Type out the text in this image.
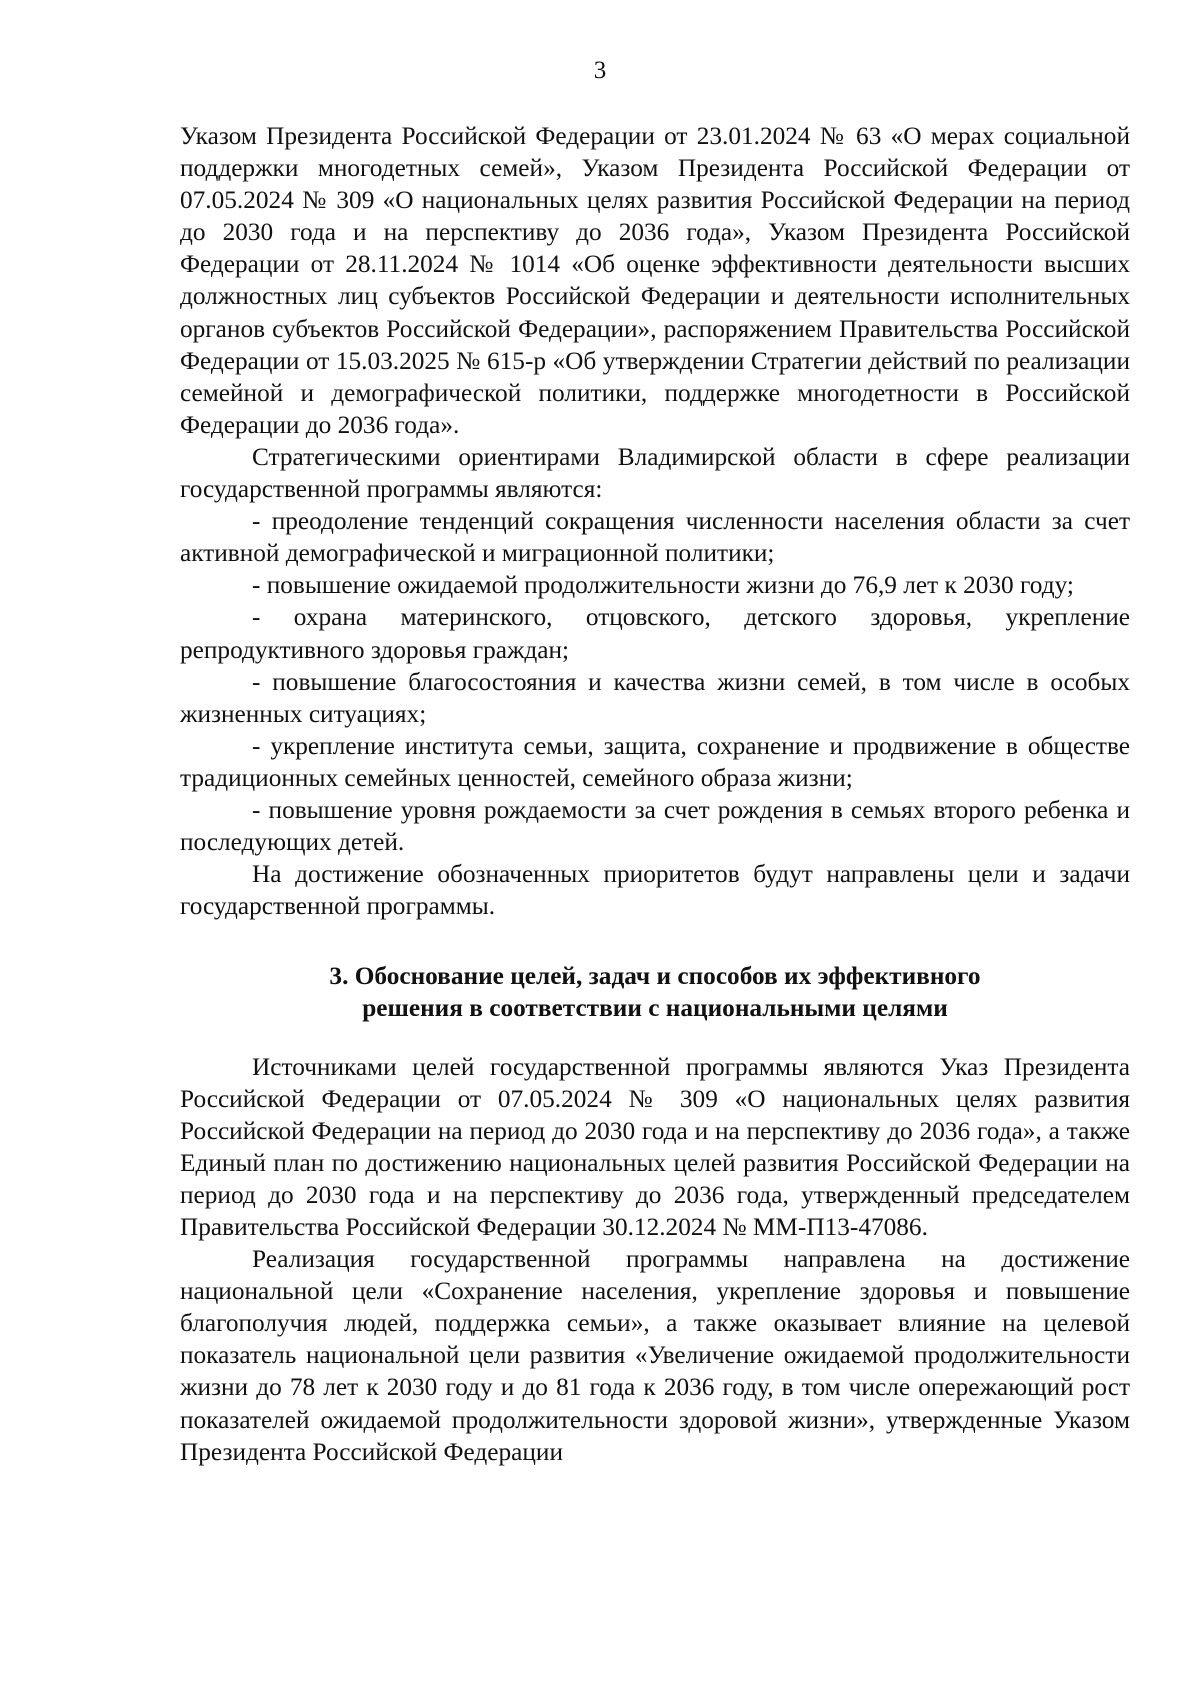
3

Указом Президента Российской Федерации от 23.01.2024 № 63 «О мерах социальной поддержки многодетных семей», Указом Президента Российской Федерации от 07.05.2024 № 309 «О национальных целях развития Российской Федерации на период до 2030 года и на перспективу до 2036 года», Указом Президента Российской Федерации от 28.11.2024 № 1014 «Об оценке эффективности деятельности высших должностных лиц субъектов Российской Федерации и деятельности исполнительных органов субъектов Российской Федерации», распоряжением Правительства Российской Федерации от 15.03.2025 № 615-р «Об утверждении Стратегии действий по реализации семейной и демографической политики, поддержке многодетности в Российской Федерации до 2036 года».

Стратегическими ориентирами Владимирской области в сфере реализации государственной программы являются:

- преодоление тенденций сокращения численности населения области за счет активной демографической и миграционной политики;

- повышение ожидаемой продолжительности жизни до 76,9 лет к 2030 году;

- охрана материнского, отцовского, детского здоровья, укрепление репродуктивного здоровья граждан;

- повышение благосостояния и качества жизни семей, в том числе в особых жизненных ситуациях;

- укрепление института семьи, защита, сохранение и продвижение в обществе традиционных семейных ценностей, семейного образа жизни;

- повышение уровня рождаемости за счет рождения в семьях второго ребенка и последующих детей.

На достижение обозначенных приоритетов будут направлены цели и задачи государственной программы.

3. Обоснование целей, задач и способов их эффективного
решения в соответствии с национальными целями

Источниками целей государственной программы являются Указ Президента Российской Федерации от 07.05.2024 № 309 «О национальных целях развития Российской Федерации на период до 2030 года и на перспективу до 2036 года», а также Единый план по достижению национальных целей развития Российской Федерации на период до 2030 года и на перспективу до 2036 года, утвержденный председателем Правительства Российской Федерации 30.12.2024 № ММ-П13-47086.

Реализация государственной программы направлена на достижение национальной цели «Сохранение населения, укрепление здоровья и повышение благополучия людей, поддержка семьи», а также оказывает влияние на целевой показатель национальной цели развития «Увеличение ожидаемой продолжительности жизни до 78 лет к 2030 году и до 81 года к 2036 году, в том числе опережающий рост показателей ожидаемой продолжительности здоровой жизни», утвержденные Указом Президента Российской Федерации
